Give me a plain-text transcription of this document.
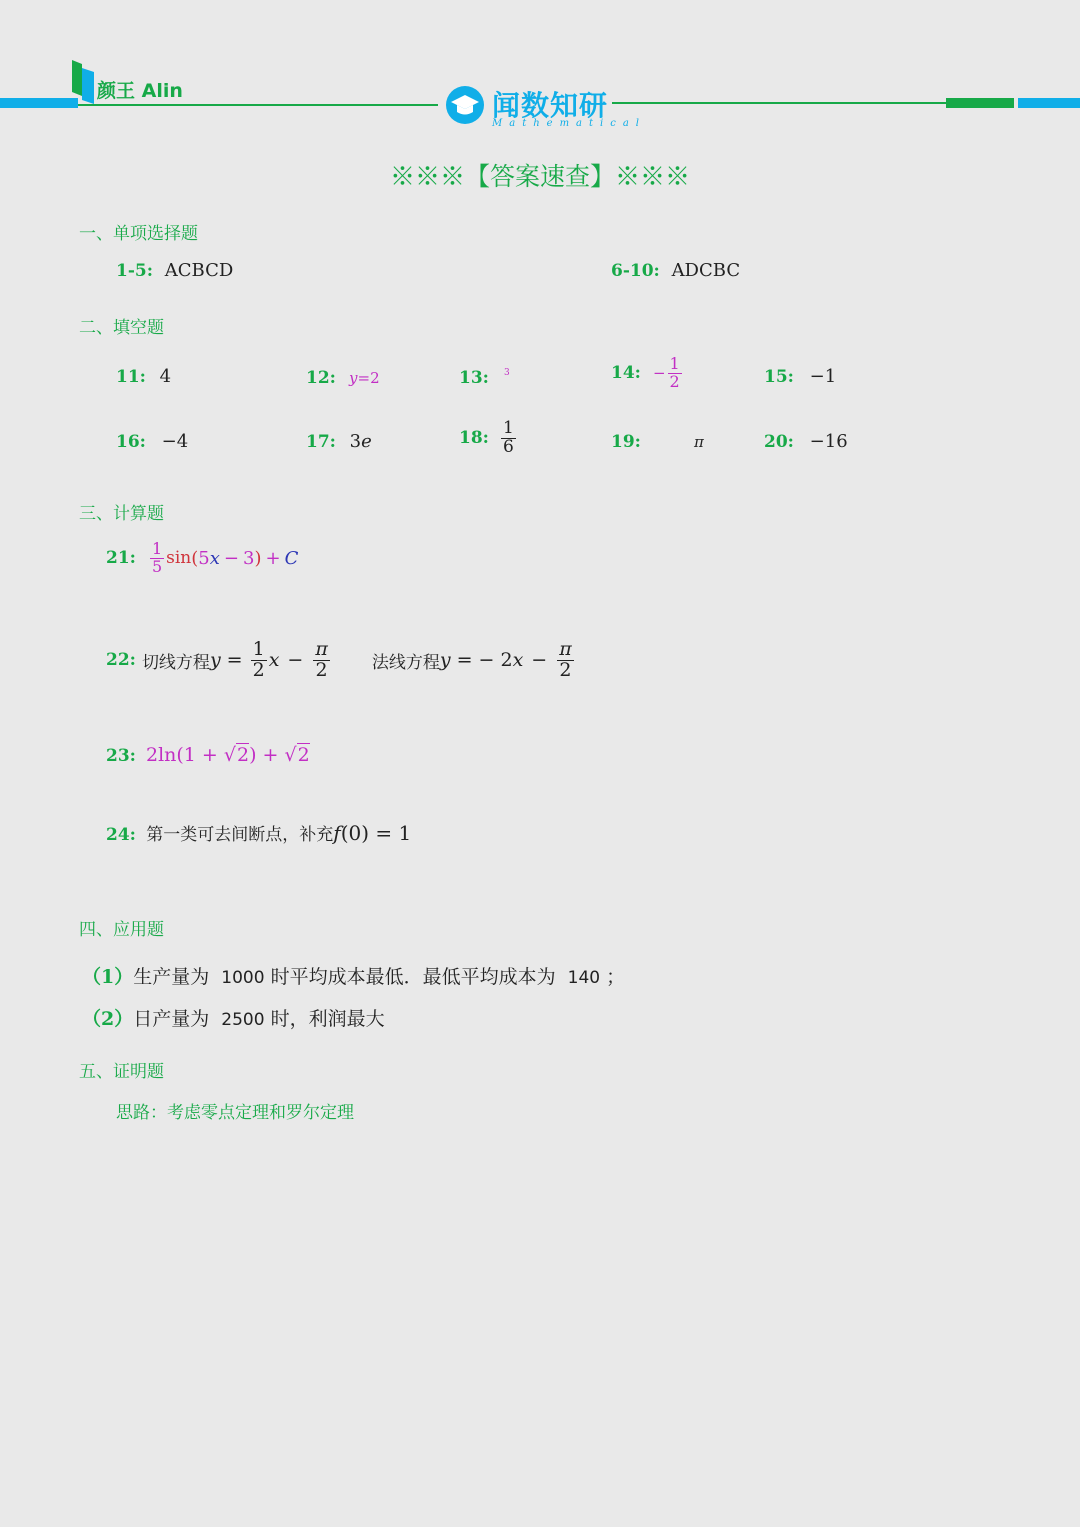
颜王 Alin	闻数知研
Mathematical
※※※【答案速查】※※※
一、单项选择题
1-5: ACBCD	6-10: ADCBC
二、填空题
11: 4	12: y=2	13: $^3$	14: − $\frac{1}{2}$	15: −1
16: −4	17: 3e	18: $\frac{1}{6}$	19:	π	20: −16
三、计算题
21: $\frac{1}{5}$ sin ( 5 x − 3 ) + C
22: 切线方程 $y = \frac{1}{2}$ $x - \frac{\pi}{2}$ 法线方程 y = − 2 $x - \frac{\pi}{2}$
23: 2ln(1 + √2) + √2
24: 第一类可去间断点，补充f(0) = 1
四、应用题
（1）生产量为 1000 时平均成本最低．最低平均成本为 140 ；
（2）日产量为 2500 时，利润最大
五、证明题
思路：考虑零点定理和罗尔定理
